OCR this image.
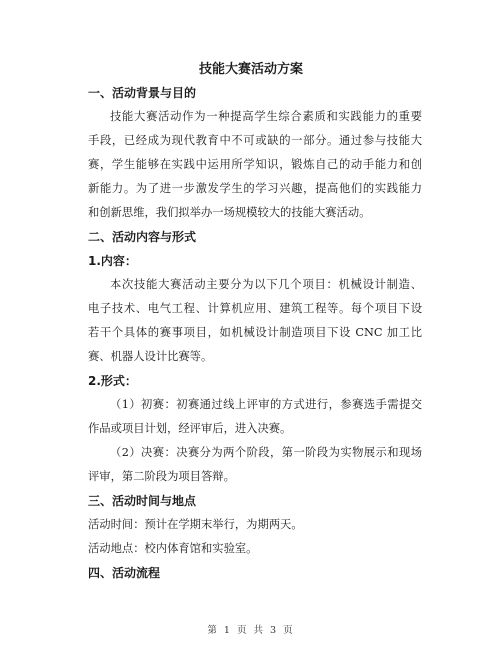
技能大赛活动方案
一、活动背景与目的
技能大赛活动作为一种提高学生综合素质和实践能力的重要
手段，已经成为现代教育中不可或缺的一部分。通过参与技能大
赛，学生能够在实践中运用所学知识，锻炼自己的动手能力和创
新能力。为了进一步激发学生的学习兴趣，提高他们的实践能力
和创新思维，我们拟举办一场规模较大的技能大赛活动。
二、活动内容与形式
1.内容：
本次技能大赛活动主要分为以下几个项目：机械设计制造、
电子技术、电气工程、计算机应用、建筑工程等。每个项目下设
若干个具体的赛事项目，如机械设计制造项目下设 CNC 加工比
赛、机器人设计比赛等。
2.形式：
（1）初赛：初赛通过线上评审的方式进行，参赛选手需提交
作品或项目计划，经评审后，进入决赛。
（2）决赛：决赛分为两个阶段，第一阶段为实物展示和现场
评审，第二阶段为项目答辩。
三、活动时间与地点
活动时间：预计在学期末举行，为期两天。
活动地点：校内体育馆和实验室。
四、活动流程
第 1 页 共 3 页
